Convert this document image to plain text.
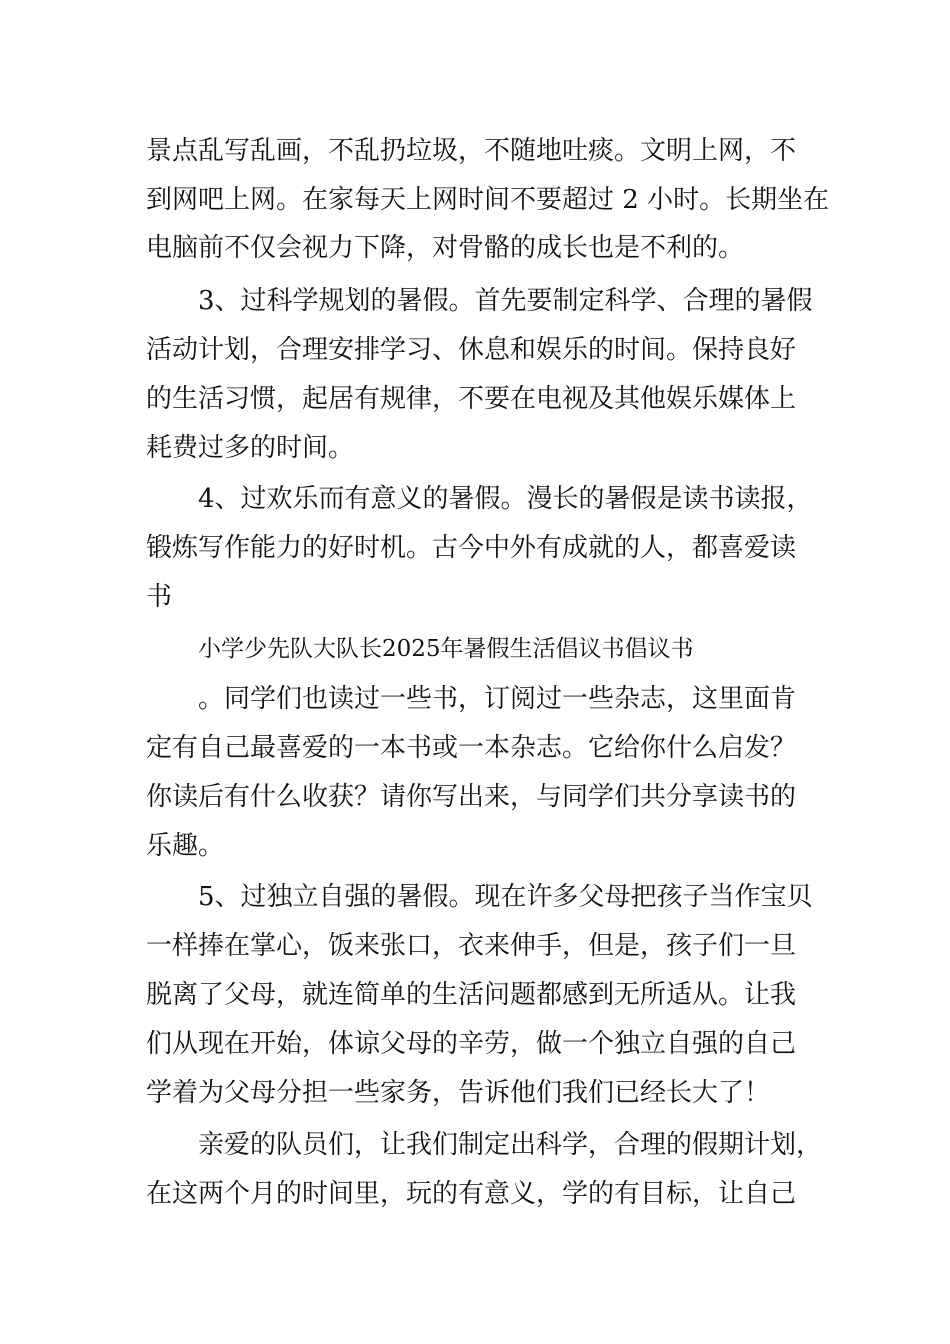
景点乱写乱画，不乱扔垃圾，不随地吐痰。文明上网，不
到网吧上网。在家每天上网时间不要超过 2 小时。长期坐在
电脑前不仅会视力下降，对骨骼的成长也是不利的。
3、过科学规划的暑假。首先要制定科学、合理的暑假
活动计划，合理安排学习、休息和娱乐的时间。保持良好
的生活习惯，起居有规律，不要在电视及其他娱乐媒体上
耗费过多的时间。
4、过欢乐而有意义的暑假。漫长的暑假是读书读报，
锻炼写作能力的好时机。古今中外有成就的人，都喜爱读
书
小学少先队大队长2025年暑假生活倡议书倡议书
。同学们也读过一些书，订阅过一些杂志，这里面肯
定有自己最喜爱的一本书或一本杂志。它给你什么启发？
你读后有什么收获？请你写出来，与同学们共分享读书的
乐趣。
5、过独立自强的暑假。现在许多父母把孩子当作宝贝
一样捧在掌心，饭来张口，衣来伸手，但是，孩子们一旦
脱离了父母，就连简单的生活问题都感到无所适从。让我
们从现在开始，体谅父母的辛劳，做一个独立自强的自己
学着为父母分担一些家务，告诉他们我们已经长大了！
亲爱的队员们，让我们制定出科学，合理的假期计划，
在这两个月的时间里，玩的有意义，学的有目标，让自己
